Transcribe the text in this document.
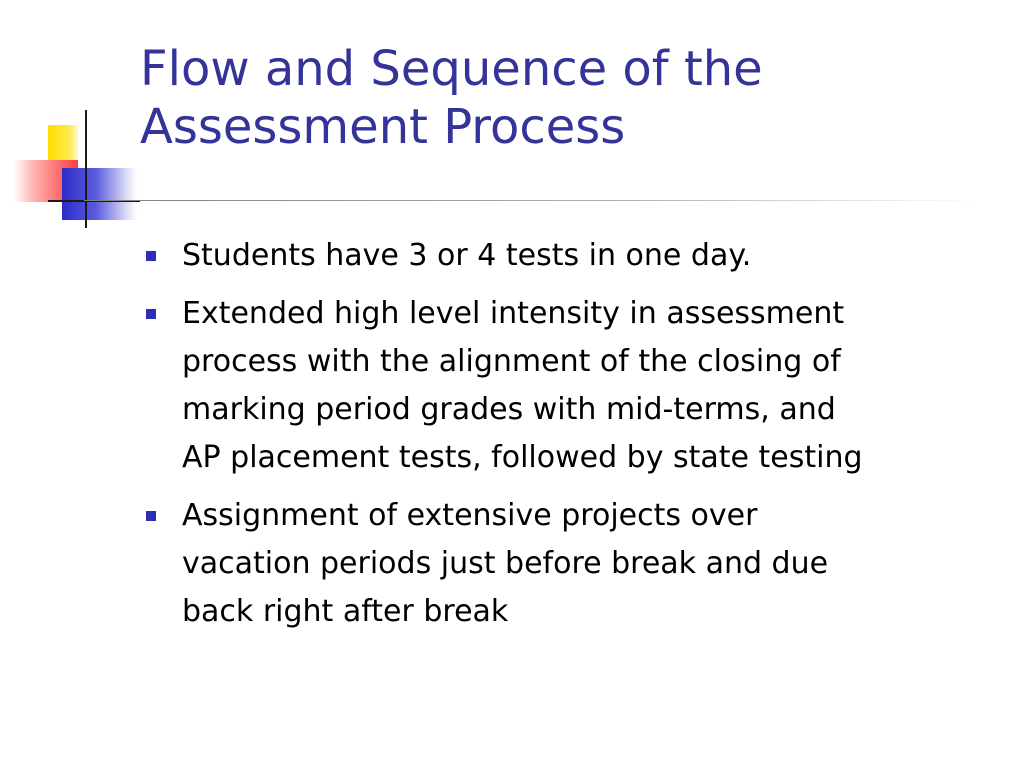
Flow and Sequence of the
Assessment Process
Students have 3 or 4 tests in one day.
Extended high level intensity in assessment
process with the alignment of the closing of
marking period grades with mid-terms, and
AP placement tests, followed by state testing
Assignment of extensive projects over
vacation periods just before break and due
back right after break
